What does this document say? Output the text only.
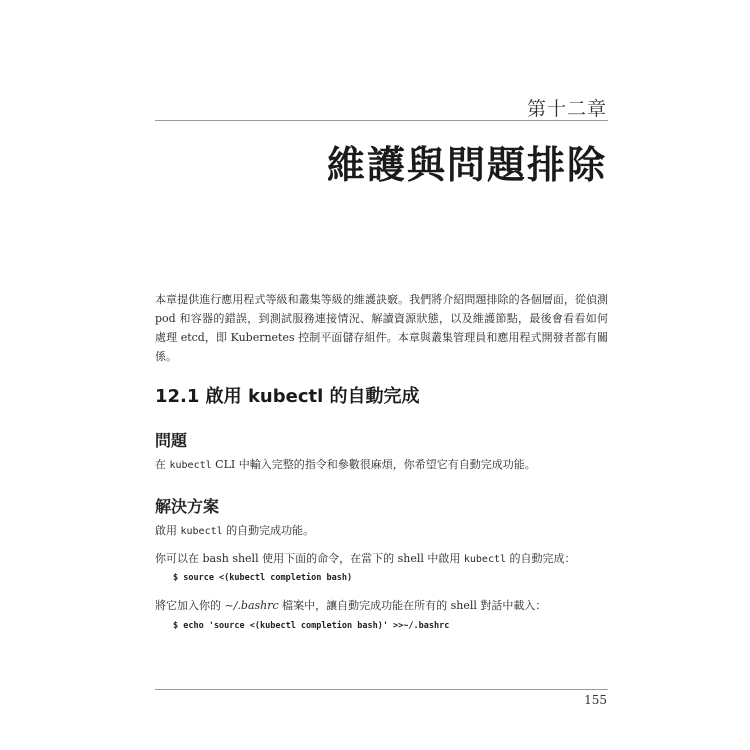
第十二章
維護與問題排除

本章提供進行應用程式等級和叢集等級的維護訣竅。我們將介紹問題排除的各個層面，從偵測 pod 和容器的錯誤，到測試服務連接情況、解讀資源狀態，以及維護節點，最後會看看如何處理 etcd，即 Kubernetes 控制平面儲存組件。本章與叢集管理員和應用程式開發者都有關係。

12.1 啟用 kubectl 的自動完成
問題

在 kubectl CLI 中輸入完整的指令和參數很麻煩，你希望它有自動完成功能。

解決方案

啟用 kubectl 的自動完成功能。

你可以在 bash shell 使用下面的命令，在當下的 shell 中啟用 kubectl 的自動完成：

$ source <(kubectl completion bash)

將它加入你的 ~/.bashrc 檔案中，讓自動完成功能在所有的 shell 對話中載入：

$ echo 'source <(kubectl completion bash)' >>~/.bashrc
155
